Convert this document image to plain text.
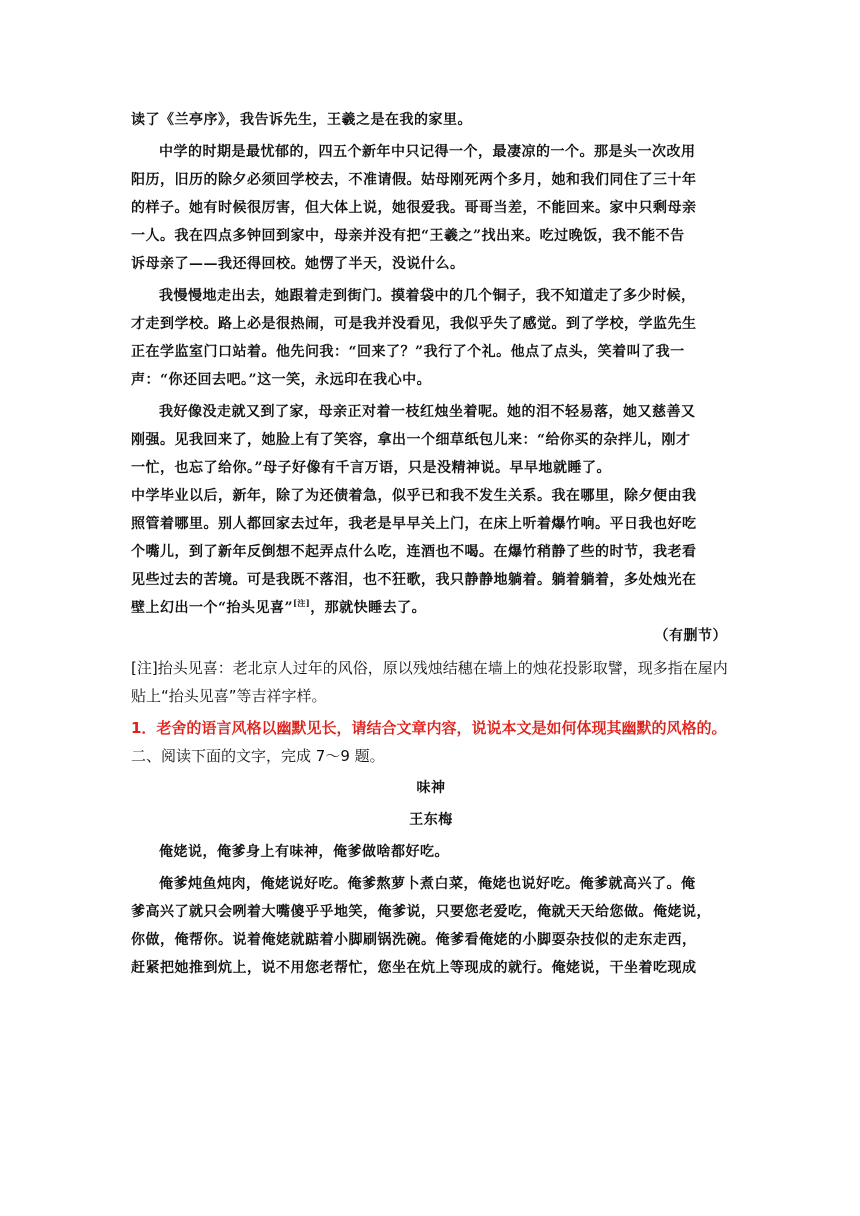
读了《兰亭序》，我告诉先生，王羲之是在我的家里。
中学的时期是最忧郁的，四五个新年中只记得一个，最凄凉的一个。那是头一次改用
阳历，旧历的除夕必须回学校去，不准请假。姑母刚死两个多月，她和我们同住了三十年
的样子。她有时候很厉害，但大体上说，她很爱我。哥哥当差，不能回来。家中只剩母亲
一人。我在四点多钟回到家中，母亲并没有把“王羲之”找出来。吃过晚饭，我不能不告
诉母亲了——我还得回校。她愣了半天，没说什么。
我慢慢地走出去，她跟着走到街门。摸着袋中的几个铜子，我不知道走了多少时候，
才走到学校。路上必是很热闹，可是我并没看见，我似乎失了感觉。到了学校，学监先生
正在学监室门口站着。他先问我：“回来了？”我行了个礼。他点了点头，笑着叫了我一
声：“你还回去吧。”这一笑，永远印在我心中。
我好像没走就又到了家，母亲正对着一枝红烛坐着呢。她的泪不轻易落，她又慈善又
刚强。见我回来了，她脸上有了笑容，拿出一个细草纸包儿来：“给你买的杂拌儿，刚才
一忙，也忘了给你。”母子好像有千言万语，只是没精神说。早早地就睡了。
中学毕业以后，新年，除了为还债着急，似乎已和我不发生关系。我在哪里，除夕便由我
照管着哪里。别人都回家去过年，我老是早早关上门，在床上听着爆竹响。平日我也好吃
个嘴儿，到了新年反倒想不起弄点什么吃，连酒也不喝。在爆竹稍静了些的时节，我老看
见些过去的苦境。可是我既不落泪，也不狂歌，我只静静地躺着。躺着躺着，多处烛光在
壁上幻出一个“抬头见喜”[注]，那就快睡去了。
（有删节）
[注]抬头见喜：老北京人过年的风俗，原以残烛结穗在墙上的烛花投影取譬，现多指在屋内
贴上“抬头见喜”等吉祥字样。
1．老舍的语言风格以幽默见长，请结合文章内容，说说本文是如何体现其幽默的风格的。
二、阅读下面的文字，完成 7～9 题。
味神
王东梅
俺姥说，俺爹身上有味神，俺爹做啥都好吃。
俺爹炖鱼炖肉，俺姥说好吃。俺爹熬萝卜煮白菜，俺姥也说好吃。俺爹就高兴了。俺
爹高兴了就只会咧着大嘴傻乎乎地笑，俺爹说，只要您老爱吃，俺就天天给您做。俺姥说，
你做，俺帮你。说着俺姥就踮着小脚刷锅洗碗。俺爹看俺姥的小脚耍杂技似的走东走西，
赶紧把她推到炕上，说不用您老帮忙，您坐在炕上等现成的就行。俺姥说，干坐着吃现成
